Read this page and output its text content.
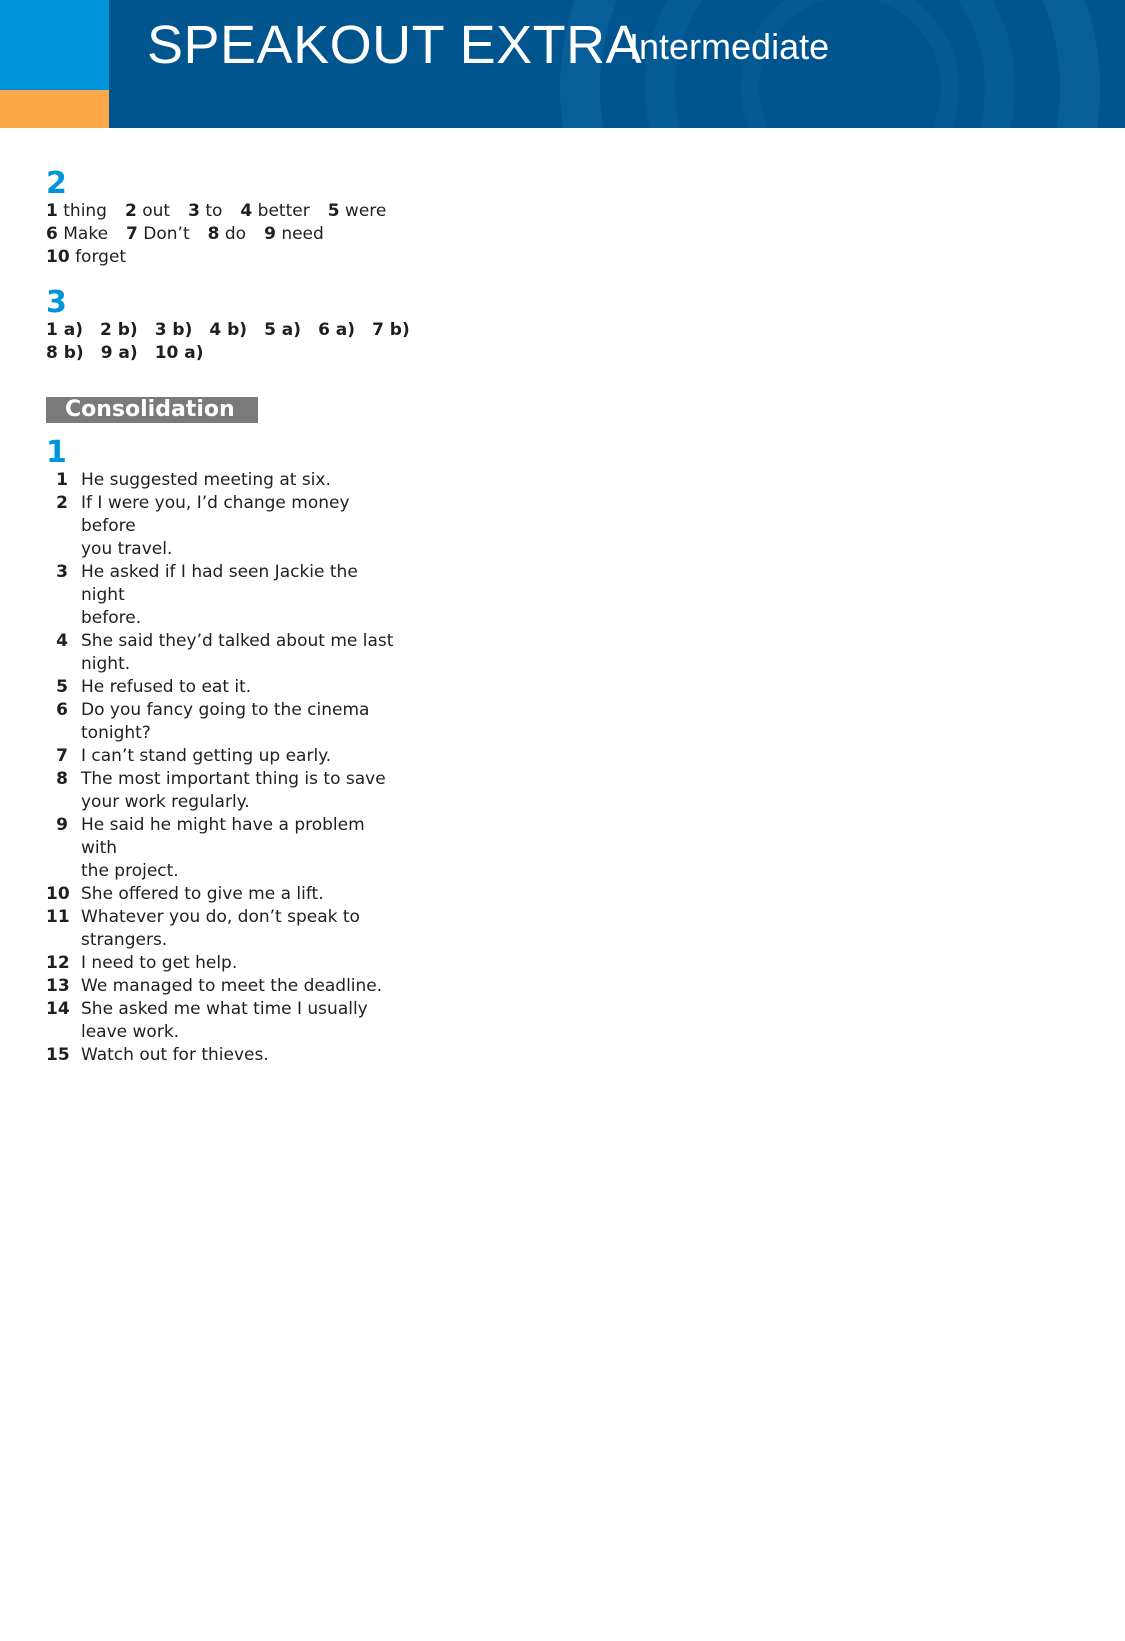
SPEAKOUT EXTRA
Intermediate
2
1 thing 2 out 3 to 4 better 5 were
6 Make 7 Don’t 8 do 9 need
10 forget
3
1 a) 2 b) 3 b) 4 b) 5 a) 6 a) 7 b)
8 b) 9 a) 10 a)
Consolidation
1
1 He suggested meeting at six.
2 If I were you, I’d change money before
you travel.
3 He asked if I had seen Jackie the night
before.
4 She said they’d talked about me last
night.
5 He refused to eat it.
6 Do you fancy going to the cinema
tonight?
7 I can’t stand getting up early.
8 The most important thing is to save
your work regularly.
9 He said he might have a problem with
the project.
10 She offered to give me a lift.
11 Whatever you do, don’t speak to
strangers.
12 I need to get help.
13 We managed to meet the deadline.
14 She asked me what time I usually
leave work.
15 Watch out for thieves.
